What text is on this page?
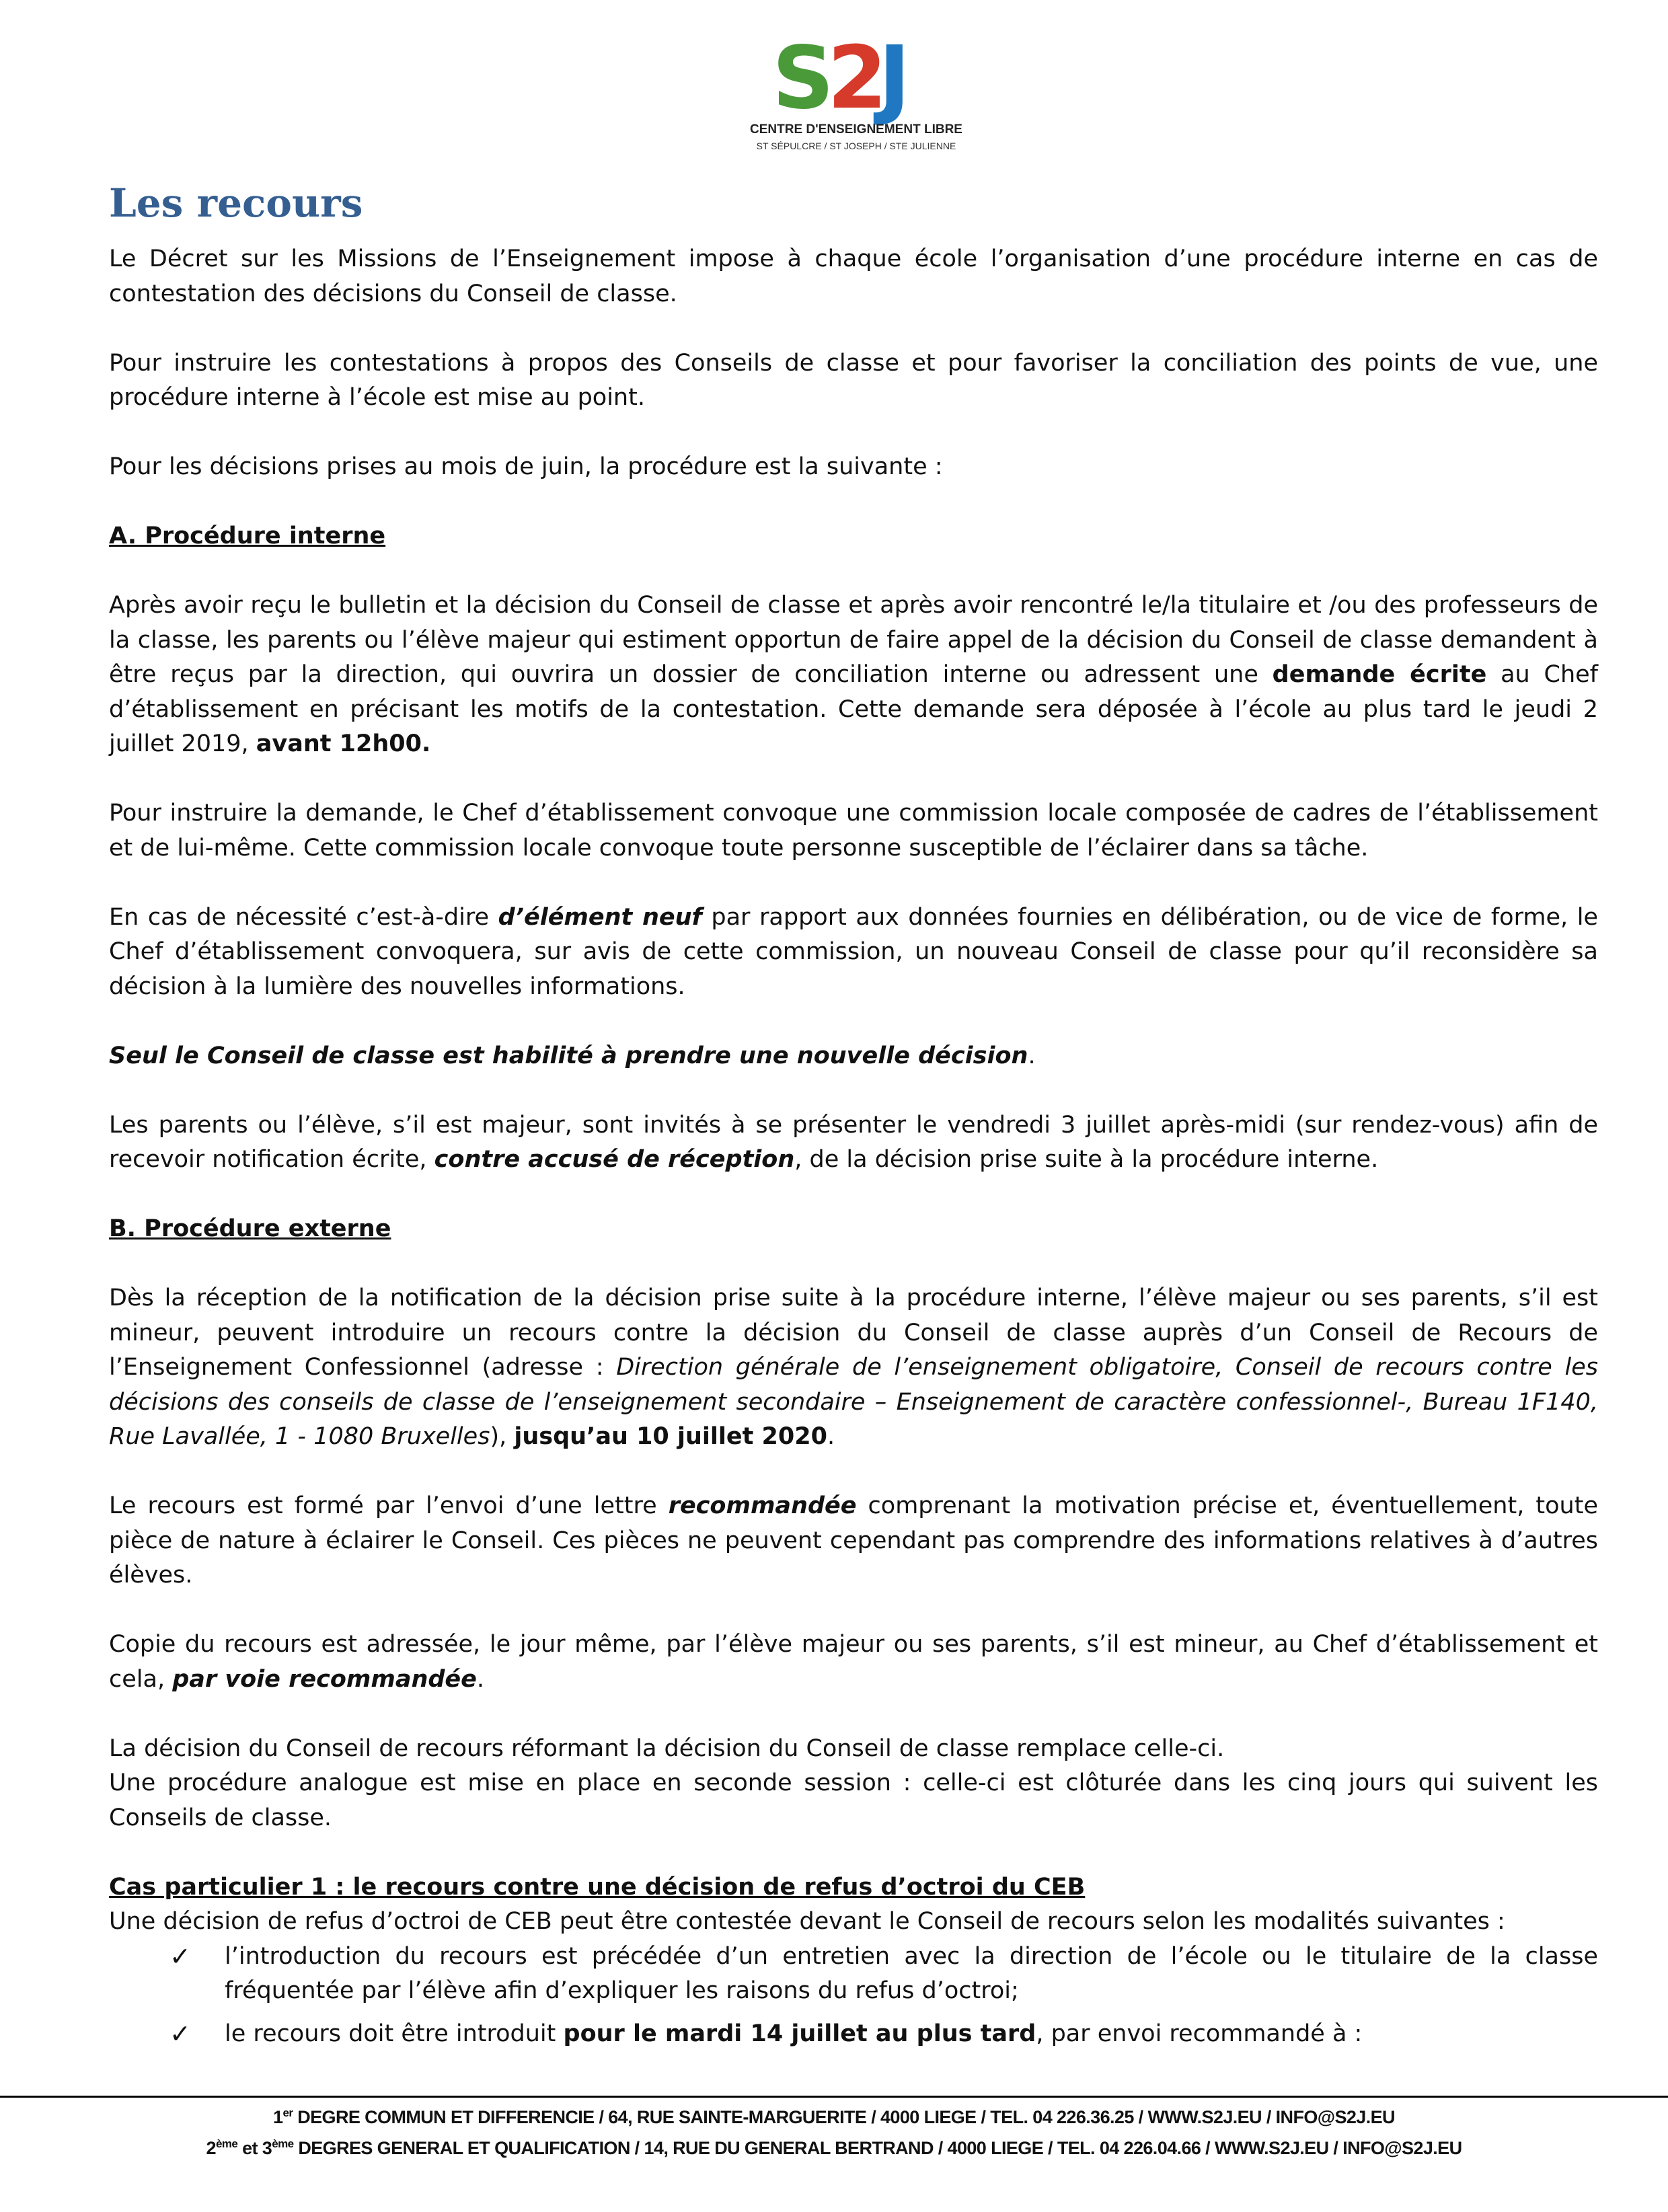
S
2
J
CENTRE D'ENSEIGNEMENT LIBRE
ST SÉPULCRE / ST JOSEPH / STE JULIENNE
Les recours

Le Décret sur les Missions de l’Enseignement impose à chaque école l’organisation d’une procédure interne en cas de contestation des décisions du Conseil de classe.

Pour instruire les contestations à propos des Conseils de classe et pour favoriser la conciliation des points de vue, une procédure interne à l’école est mise au point.

Pour les décisions prises au mois de juin, la procédure est la suivante :

A. Procédure interne

Après avoir reçu le bulletin et la décision du Conseil de classe et après avoir rencontré le/la titulaire et /ou des professeurs de la classe, les parents ou l’élève majeur qui estiment opportun de faire appel de la décision du Conseil de classe demandent à être reçus par la direction, qui ouvrira un dossier de conciliation interne ou adressent une demande écrite au Chef d’établissement en précisant les motifs de la contestation. Cette demande sera déposée à l’école au plus tard le jeudi 2 juillet 2019, avant 12h00.

Pour instruire la demande, le Chef d’établissement convoque une commission locale composée de cadres de l’établissement et de lui-même. Cette commission locale convoque toute personne susceptible de l’éclairer dans sa tâche.

En cas de nécessité c’est-à-dire d’élément neuf par rapport aux données fournies en délibération, ou de vice de forme, le Chef d’établissement convoquera, sur avis de cette commission, un nouveau Conseil de classe pour qu’il reconsidère sa décision à la lumière des nouvelles informations.

Seul le Conseil de classe est habilité à prendre une nouvelle décision.

Les parents ou l’élève, s’il est majeur, sont invités à se présenter le vendredi 3 juillet après-midi (sur rendez-vous) afin de recevoir notification écrite, contre accusé de réception, de la décision prise suite à la procédure interne.

B. Procédure externe

Dès la réception de la notification de la décision prise suite à la procédure interne, l’élève majeur ou ses parents, s’il est mineur, peuvent introduire un recours contre la décision du Conseil de classe auprès d’un Conseil de Recours de l’Enseignement Confessionnel (adresse : Direction générale de l’enseignement obligatoire, Conseil de recours contre les décisions des conseils de classe de l’enseignement secondaire – Enseignement de caractère confessionnel-, Bureau 1F140, Rue Lavallée, 1 - 1080 Bruxelles), jusqu’au 10 juillet 2020.

Le recours est formé par l’envoi d’une lettre recommandée comprenant la motivation précise et, éventuellement, toute pièce de nature à éclairer le Conseil. Ces pièces ne peuvent cependant pas comprendre des informations relatives à d’autres élèves.

Copie du recours est adressée, le jour même, par l’élève majeur ou ses parents, s’il est mineur, au Chef d’établissement et cela, par voie recommandée.

La décision du Conseil de recours réformant la décision du Conseil de classe remplace celle-ci.

Une procédure analogue est mise en place en seconde session : celle-ci est clôturée dans les cinq jours qui suivent les Conseils de classe.

Cas particulier 1 : le recours contre une décision de refus d’octroi du CEB

Une décision de refus d’octroi de CEB peut être contestée devant le Conseil de recours selon les modalités suivantes :

✓ l’introduction du recours est précédée d’un entretien avec la direction de l’école ou le titulaire de la classe fréquentée par l’élève afin d’expliquer les raisons du refus d’octroi;
✓ le recours doit être introduit pour le mardi 14 juillet au plus tard, par envoi recommandé à :
1er DEGRE COMMUN ET DIFFERENCIE / 64, RUE SAINTE-MARGUERITE / 4000 LIEGE / TEL. 04 226.36.25 / WWW.S2J.EU / INFO@S2J.EU
2ème et 3ème DEGRES GENERAL ET QUALIFICATION / 14, RUE DU GENERAL BERTRAND / 4000 LIEGE / TEL. 04 226.04.66 / WWW.S2J.EU / INFO@S2J.EU
